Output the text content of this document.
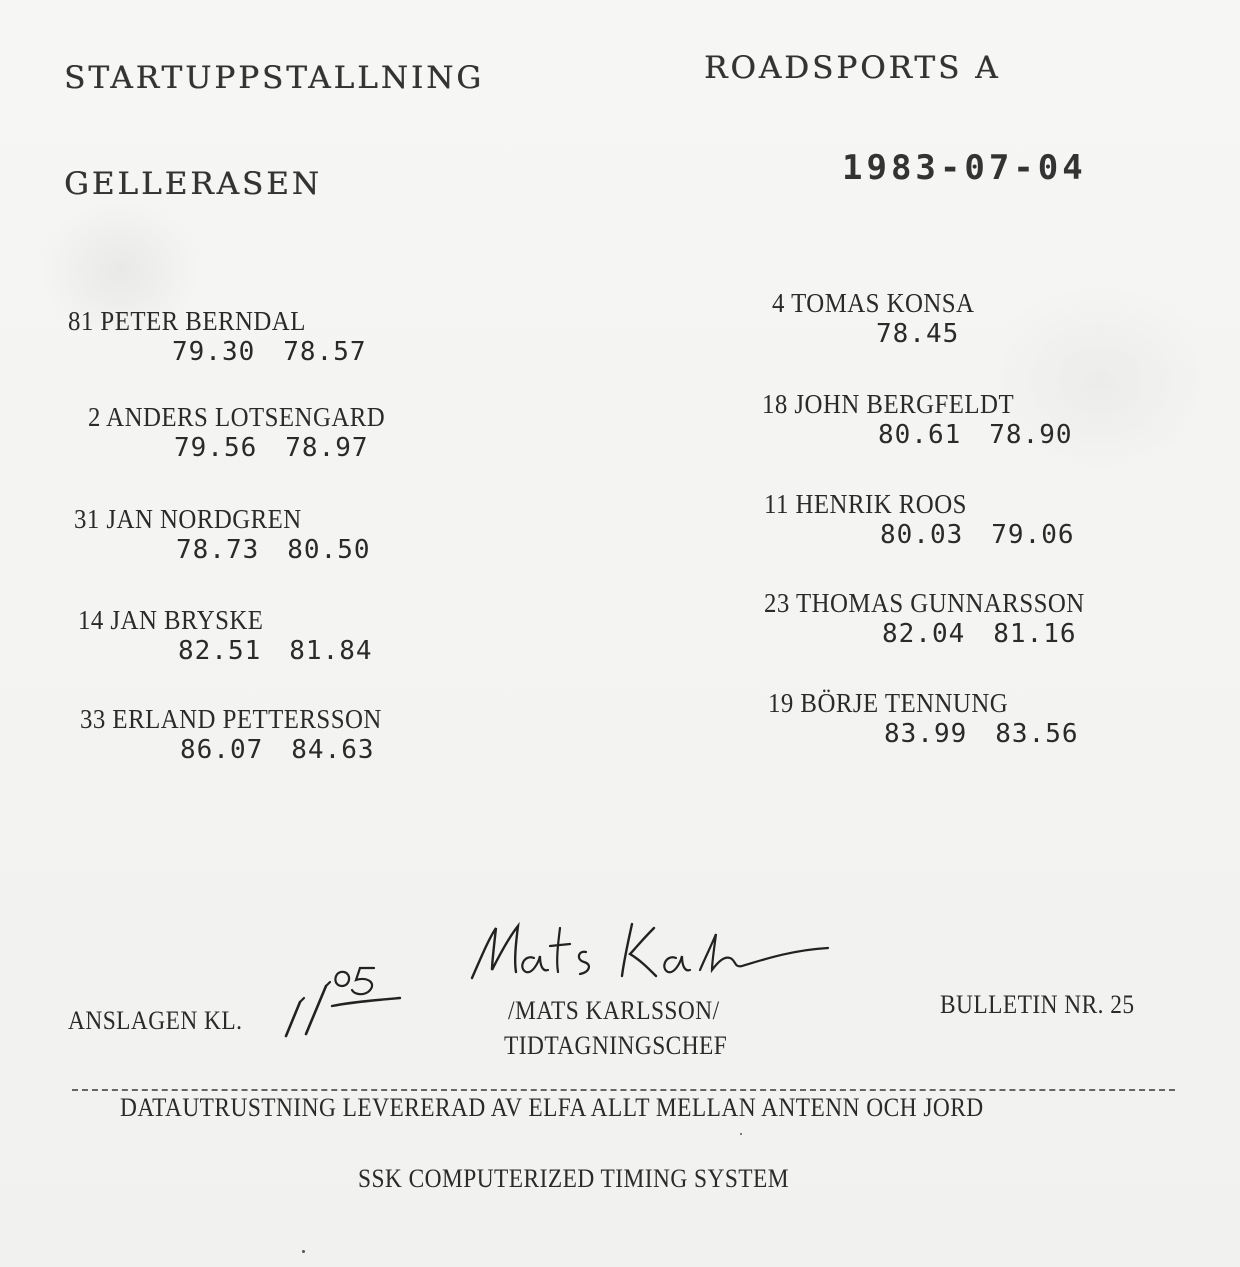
STARTUPPSTALLNING	ROADSPORTS A
GELLERASEN	1983-07-04
81 PETER BERNDAL
79.30 78.57
2 ANDERS LOTSENGARD
79.56 78.97
31 JAN NORDGREN
78.73 80.50
14 JAN BRYSKE
82.51 81.84
33 ERLAND PETTERSSON
86.07 84.63
4 TOMAS KONSA
78.45
18 JOHN BERGFELDT
80.61 78.90
11 HENRIK ROOS
80.03 79.06
23 THOMAS GUNNARSSON
82.04 81.16
19 BÖRJE TENNUNG
83.99 83.56
ANSLAGEN KL.	/MATS KARLSSON/
TIDTAGNINGSCHEF
BULLETIN NR. 25
DATAUTRUSTNING LEVERERAD AV ELFA ALLT MELLAN ANTENN OCH JORD
SSK COMPUTERIZED TIMING SYSTEM
